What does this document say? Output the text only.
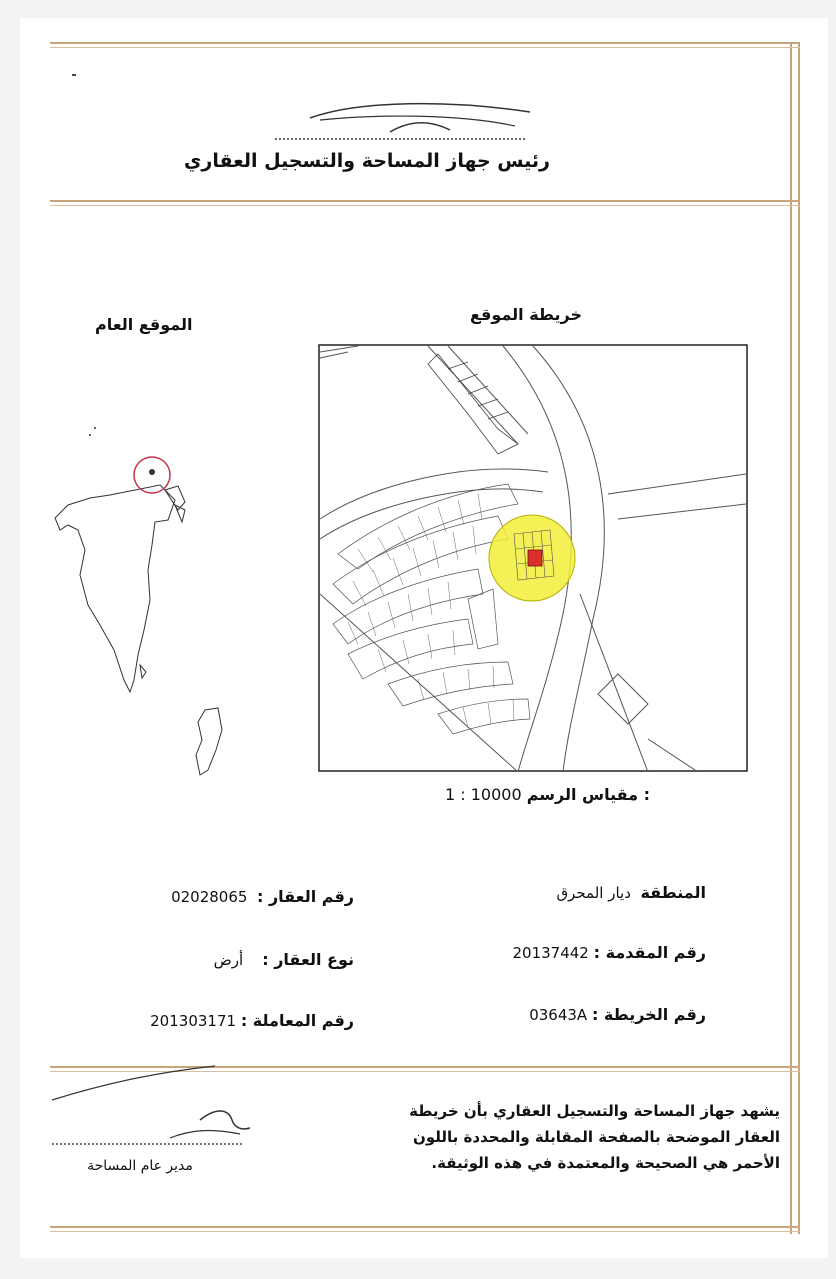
رئيس جهاز المساحة والتسجيل العقاري
الموقع العام
خريطة الموقع
1 : 10000 مقياس الرسم :
المنطقة  ديار المحرق
رقم المقدمة : 20137442
رقم الخريطة : 03643A
رقم العقار :  02028065
نوع العقار :    أرض
رقم المعاملة : 201303171
يشهد جهاز المساحة والتسجيل العقاري بأن خريطة
العقار الموضحة بالصفحة المقابلة والمحددة باللون
الأحمر هي الصحيحة والمعتمدة في هذه الوثيقة.
مدير عام المساحة
